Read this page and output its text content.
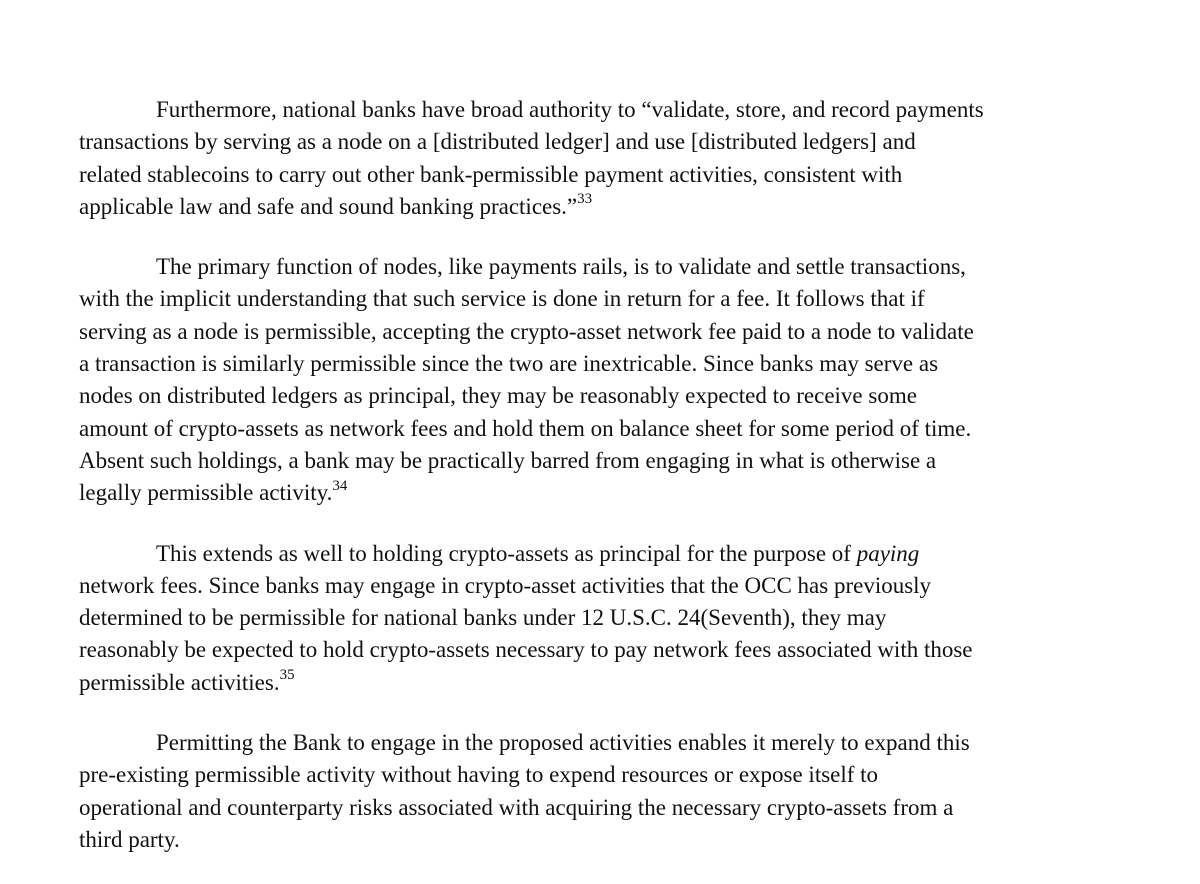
Furthermore, national banks have broad authority to “validate, store, and record payments
transactions by serving as a node on a [distributed ledger] and use [distributed ledgers] and
related stablecoins to carry out other bank-permissible payment activities, consistent with
applicable law and safe and sound banking practices.”$^{33}$

The primary function of nodes, like payments rails, is to validate and settle transactions,
with the implicit understanding that such service is done in return for a fee. It follows that if
serving as a node is permissible, accepting the crypto-asset network fee paid to a node to validate
a transaction is similarly permissible since the two are inextricable. Since banks may serve as
nodes on distributed ledgers as principal, they may be reasonably expected to receive some
amount of crypto-assets as network fees and hold them on balance sheet for some period of time.
Absent such holdings, a bank may be practically barred from engaging in what is otherwise a
legally permissible activity.$^{34}$

This extends as well to holding crypto-assets as principal for the purpose of paying
network fees. Since banks may engage in crypto-asset activities that the OCC has previously
determined to be permissible for national banks under 12 U.S.C. 24(Seventh), they may
reasonably be expected to hold crypto-assets necessary to pay network fees associated with those
permissible activities.$^{35}$

Permitting the Bank to engage in the proposed activities enables it merely to expand this
pre-existing permissible activity without having to expend resources or expose itself to
operational and counterparty risks associated with acquiring the necessary crypto-assets from a
third party.
